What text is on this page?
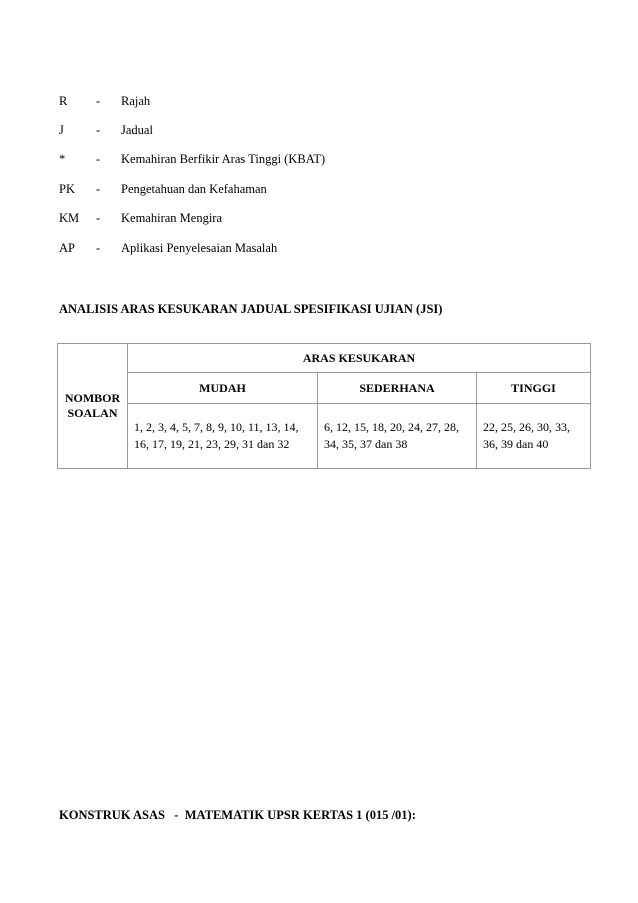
R - Rajah
J	- Jadual
* - Kemahiran Berfikir Aras Tinggi (KBAT)
PK - Pengetahuan dan Kefahaman
KM - Kemahiran Mengira
AP - Aplikasi Penyelesaian Masalah
ANALISIS ARAS KESUKARAN JADUAL SPESIFIKASI UJIAN (JSI)
NOMBOR
SOALAN	ARAS KESUKARAN		
	MUDAH	SEDERHANA	TINGGI
	1, 2, 3, 4, 5, 7, 8, 9, 10, 11, 13, 14, 16, 17, 19, 21, 23, 29, 31 dan 32	6, 12, 15, 18, 20, 24, 27, 28, 34, 35, 37 dan 38	22, 25, 26, 30, 33, 36, 39 dan 40
KONSTRUK ASAS   -  MATEMATIK UPSR KERTAS 1 (015 /01):
